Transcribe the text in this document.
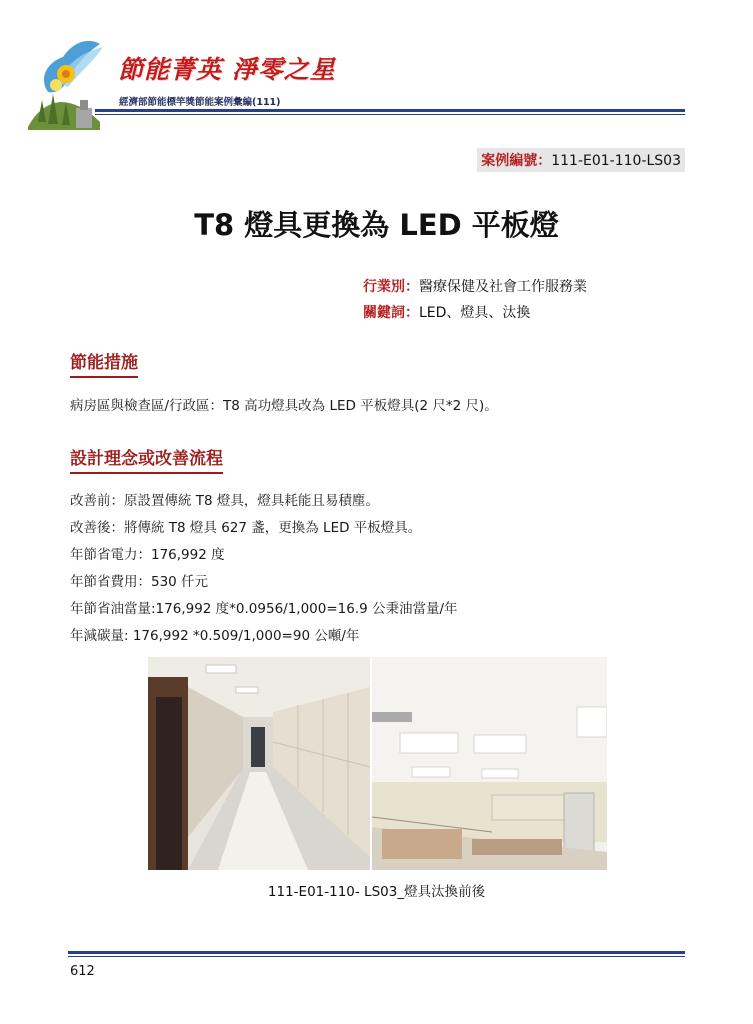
節能菁英 淨零之星
經濟部節能標竿獎節能案例彙編(111)
案例編號：111-E01-110-LS03
T8 燈具更換為 LED 平板燈
行業別：醫療保健及社會工作服務業
關鍵詞：LED、燈具、汰換
節能措施
病房區與檢查區/行政區：T8 高功燈具改為 LED 平板燈具(2 尺*2 尺)。
設計理念或改善流程
改善前：原設置傳統 T8 燈具，燈具耗能且易積塵。
改善後：將傳統 T8 燈具 627 盞，更換為 LED 平板燈具。
年節省電力：176,992 度
年節省費用：530 仟元
年節省油當量:176,992 度*0.0956/1,000=16.9 公秉油當量/年
年減碳量: 176,992 *0.509/1,000=90 公噸/年
111-E01-110- LS03_燈具汰換前後
612
